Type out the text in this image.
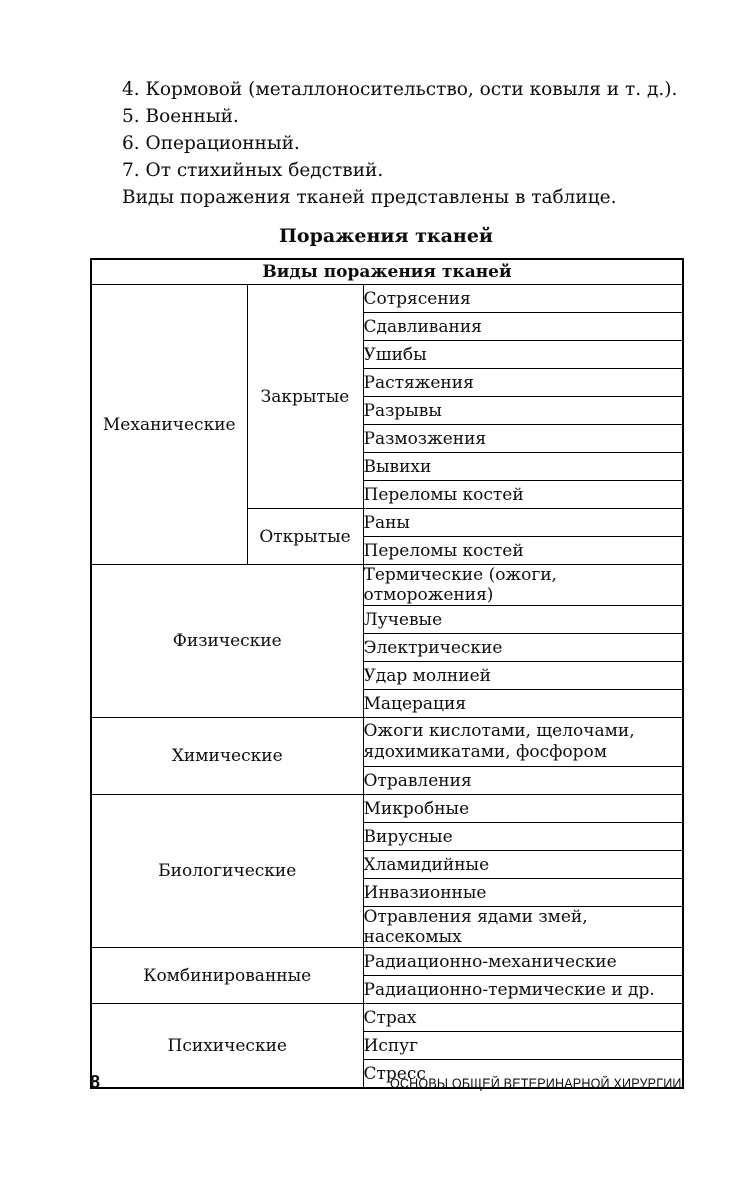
4. Кормовой (металлоносительство, ости ковыля и т. д.).

5. Военный.

6. Операционный.

7. От стихийных бедствий.

Виды поражения тканей представлены в таблице.

Поражения тканей
Виды поражения тканей		
Механические	Закрытые	Сотрясения
		Сдавливания
		Ушибы
		Растяжения
		Разрывы
		Размозжения
		Вывихи
		Переломы костей
	Открытые	Раны
		Переломы костей
Физические		Термические (ожоги, отморожения)
		Лучевые
		Электрические
		Удар молнией
		Мацерация
Химические		Ожоги кислотами, щелочами, ядохимикатами, фосфором
		Отравления
Биологические		Микробные
		Вирусные
		Хламидийные
		Инвазионные
		Отравления ядами змей, насекомых
Комбинированные		Радиационно-механические
		Радиационно-термические и др.
Психические		Страх
		Испуг
		Стресс
8	ОСНОВЫ ОБЩЕЙ ВЕТЕРИНАРНОЙ ХИРУРГИИ
